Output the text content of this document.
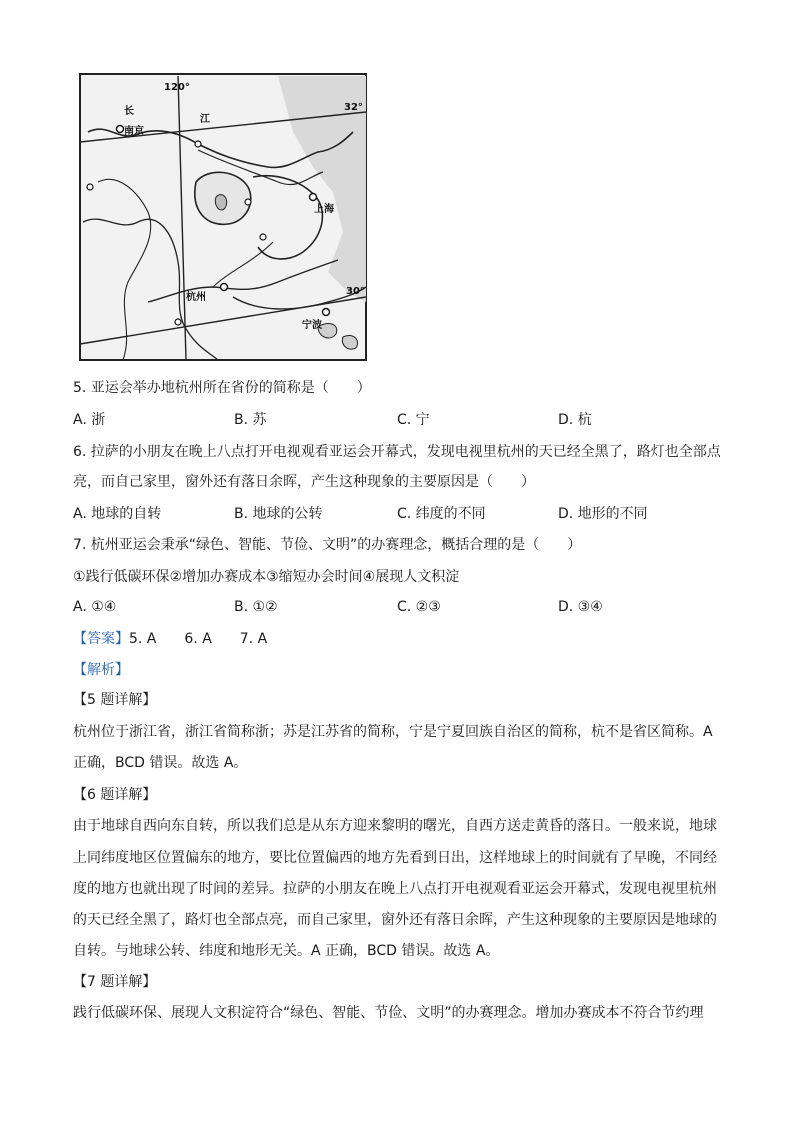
120°
32°
30°
长
江
南京
上海
杭州
宁波
5. 亚运会举办地杭州所在省份的简称是（　　）
A. 浙	B. 苏	C. 宁	D. 杭
6. 拉萨的小朋友在晚上八点打开电视观看亚运会开幕式，发现电视里杭州的天已经全黑了，路灯也全部点
亮，而自己家里，窗外还有落日余晖，产生这种现象的主要原因是（　　）
A. 地球的自转	B. 地球的公转	C. 纬度的不同	D. 地形的不同
7. 杭州亚运会秉承“绿色、智能、节俭、文明”的办赛理念，概括合理的是（　　）
①践行低碳环保②增加办赛成本③缩短办会时间④展现人文积淀
A. ①④	B. ①②	C. ②③	D. ③④
【答案】5. A　　6. A　　7. A
【解析】
【5 题详解】
杭州位于浙江省，浙江省简称浙；苏是江苏省的简称，宁是宁夏回族自治区的简称，杭不是省区简称。A
正确，BCD 错误。故选 A。
【6 题详解】
由于地球自西向东自转，所以我们总是从东方迎来黎明的曙光，自西方送走黄昏的落日。一般来说，地球
上同纬度地区位置偏东的地方，要比位置偏西的地方先看到日出，这样地球上的时间就有了早晚，不同经
度的地方也就出现了时间的差异。拉萨的小朋友在晚上八点打开电视观看亚运会开幕式，发现电视里杭州
的天已经全黑了，路灯也全部点亮，而自己家里，窗外还有落日余晖，产生这种现象的主要原因是地球的
自转。与地球公转、纬度和地形无关。A 正确，BCD 错误。故选 A。
【7 题详解】
践行低碳环保、展现人文积淀符合“绿色、智能、节俭、文明”的办赛理念。增加办赛成本不符合节约理
